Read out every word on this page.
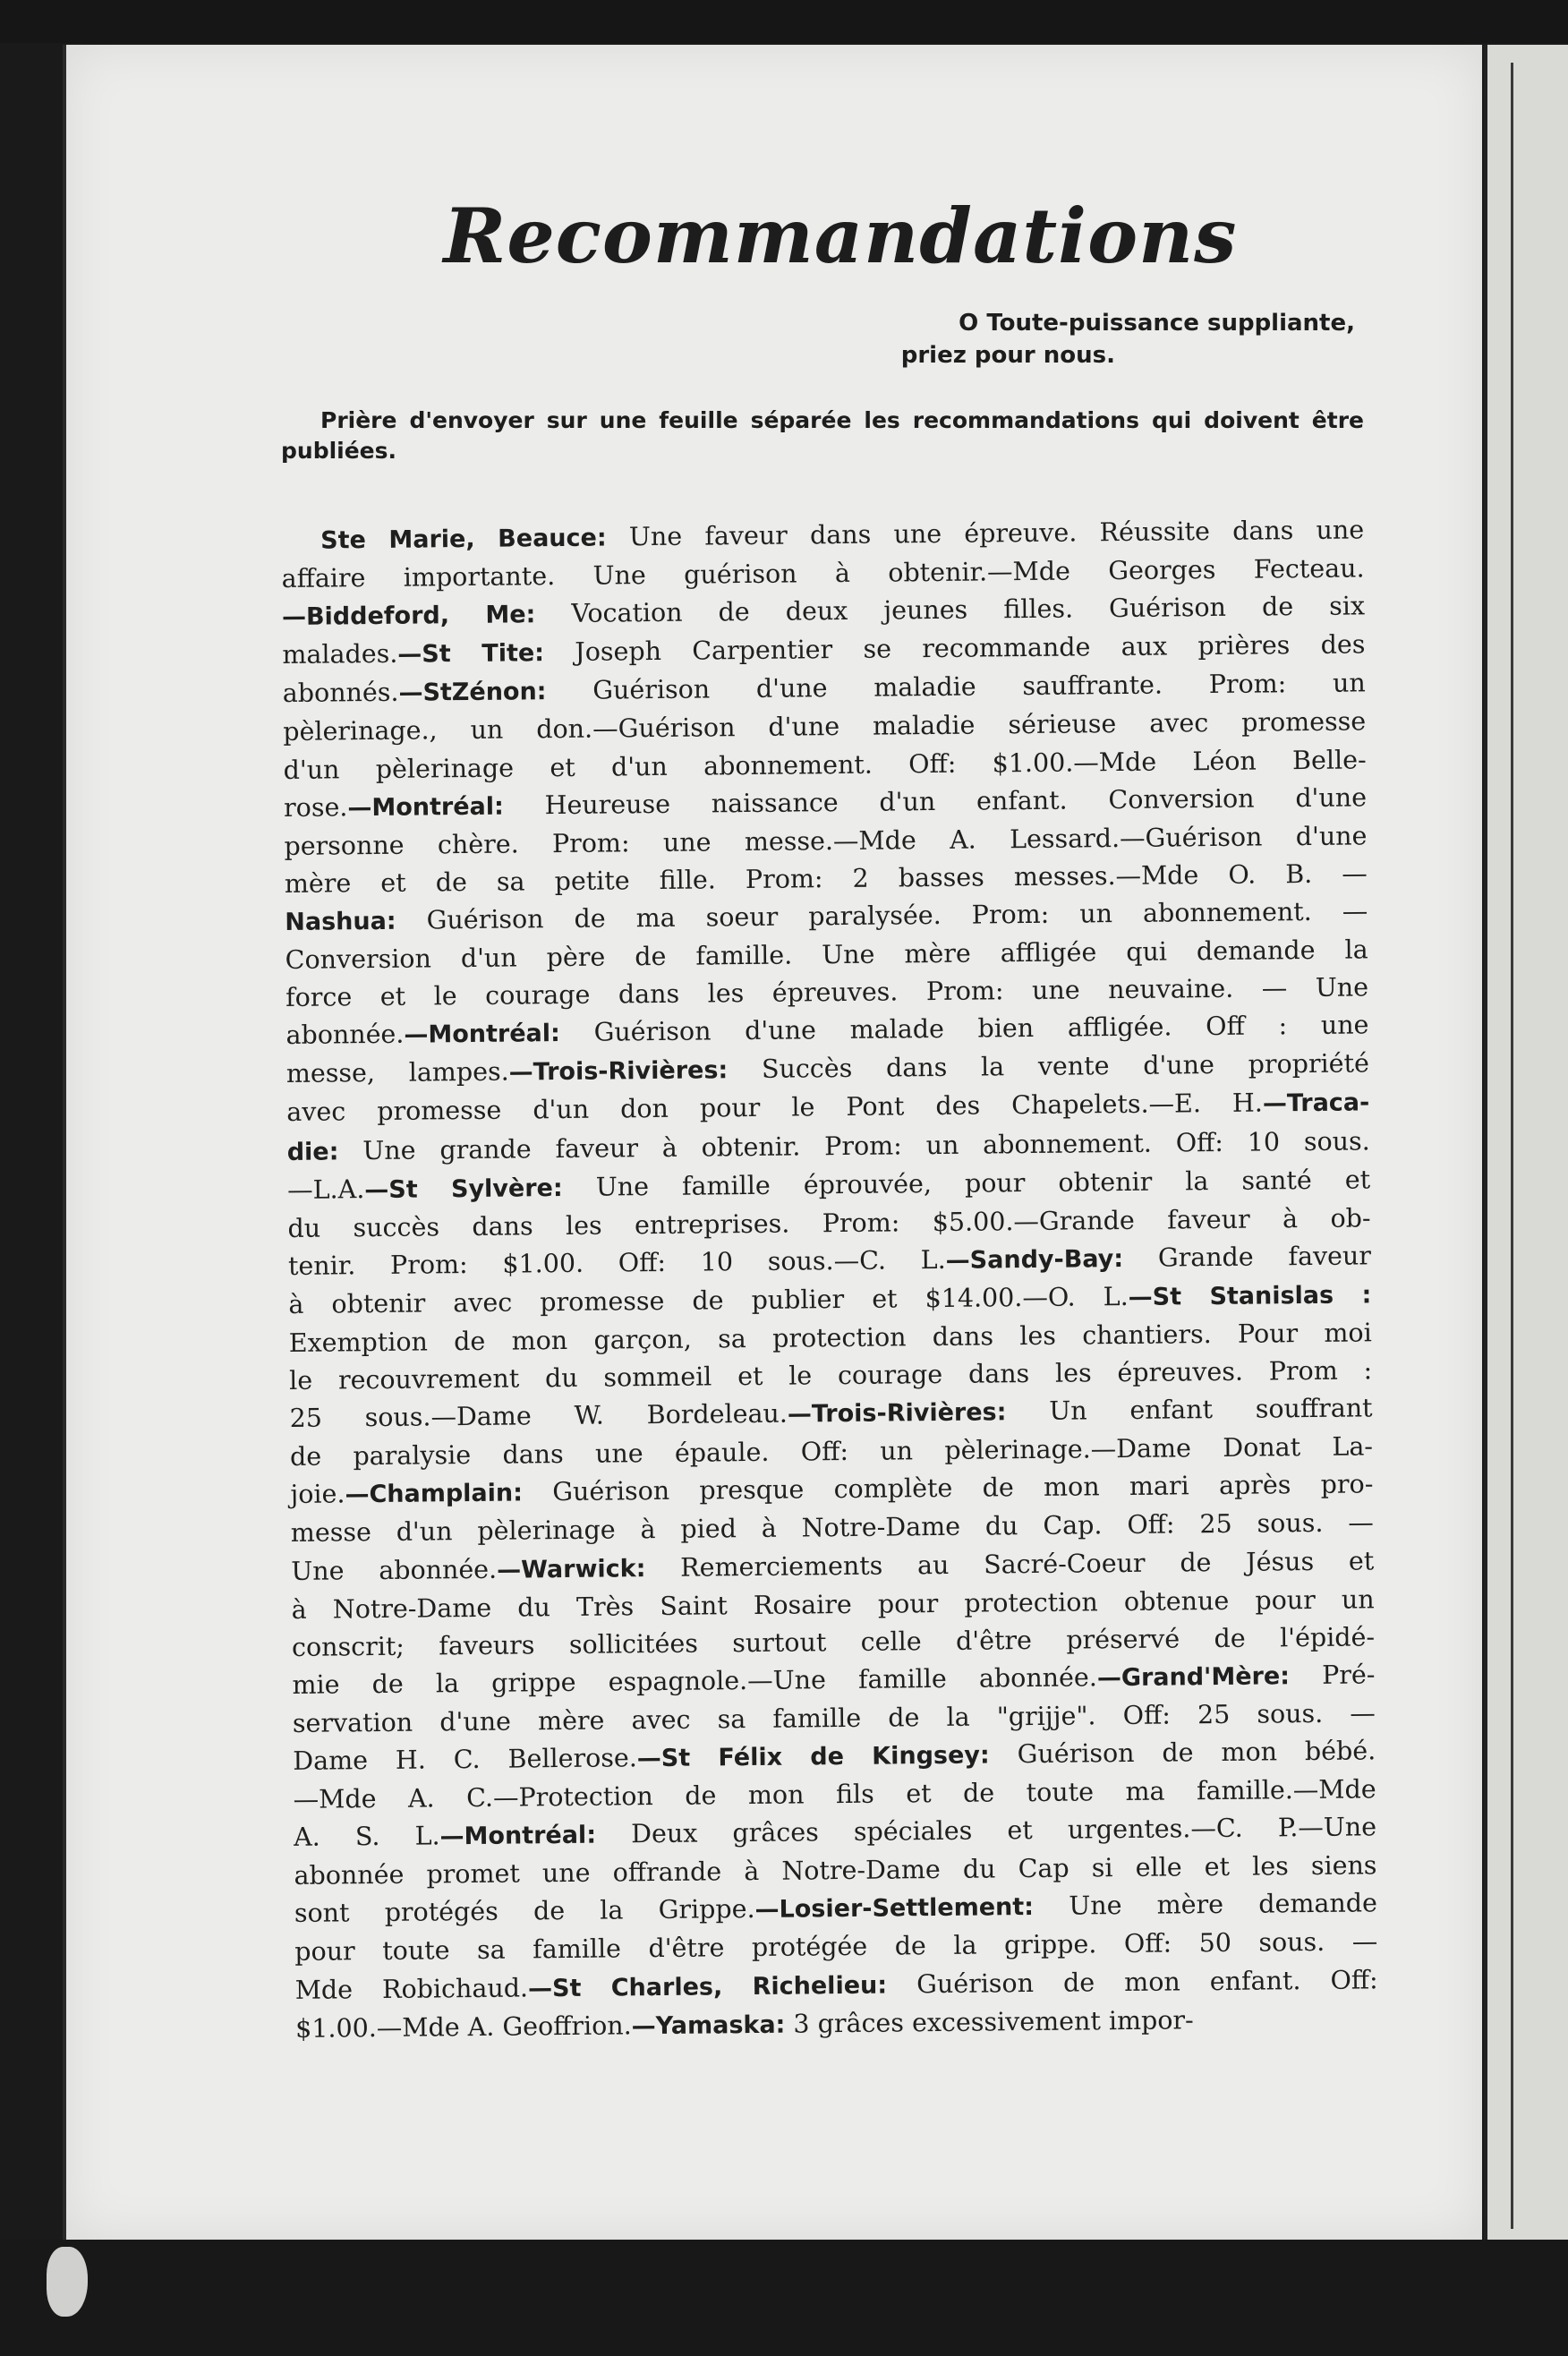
Recommandations
O Toute-puissance suppliante,
priez pour nous.

Prière d'envoyer sur une feuille séparée les recommandations qui doivent être publiées.

Ste Marie, Beauce: Une faveur dans une épreuve. Réussite dans une
affaire importante. Une guérison à obtenir.—Mde Georges Fecteau.
—Biddeford, Me: Vocation de deux jeunes filles. Guérison de six
malades.—St Tite: Joseph Carpentier se recommande aux prières des
abonnés.—StZénon: Guérison d'une maladie sauffrante. Prom: un
pèlerinage., un don.—Guérison d'une maladie sérieuse avec promesse
d'un pèlerinage et d'un abonnement. Off: $1.00.—Mde Léon Belle-
rose.—Montréal: Heureuse naissance d'un enfant. Conversion d'une
personne chère. Prom: une messe.—Mde A. Lessard.—Guérison d'une
mère et de sa petite fille. Prom: 2 basses messes.—Mde O. B. —
Nashua: Guérison de ma soeur paralysée. Prom: un abonnement. —
Conversion d'un père de famille. Une mère affligée qui demande la
force et le courage dans les épreuves. Prom: une neuvaine. — Une
abonnée.—Montréal: Guérison d'une malade bien affligée. Off : une
messe, lampes.—Trois-Rivières: Succès dans la vente d'une propriété
avec promesse d'un don pour le Pont des Chapelets.—E. H.—Traca-
die: Une grande faveur à obtenir. Prom: un abonnement. Off: 10 sous.
—L.A.—St Sylvère: Une famille éprouvée, pour obtenir la santé et
du succès dans les entreprises. Prom: $5.00.—Grande faveur à ob-
tenir. Prom: $1.00. Off: 10 sous.—C. L.—Sandy-Bay: Grande faveur
à obtenir avec promesse de publier et $14.00.—O. L.—St Stanislas :
Exemption de mon garçon, sa protection dans les chantiers. Pour moi
le recouvrement du sommeil et le courage dans les épreuves. Prom :
25 sous.—Dame W. Bordeleau.—Trois-Rivières: Un enfant souffrant
de paralysie dans une épaule. Off: un pèlerinage.—Dame Donat La-
joie.—Champlain: Guérison presque complète de mon mari après pro-
messe d'un pèlerinage à pied à Notre-Dame du Cap. Off: 25 sous. —
Une abonnée.—Warwick: Remerciements au Sacré-Coeur de Jésus et
à Notre-Dame du Très Saint Rosaire pour protection obtenue pour un
conscrit; faveurs sollicitées surtout celle d'être préservé de l'épidé-
mie de la grippe espagnole.—Une famille abonnée.—Grand'Mère: Pré-
servation d'une mère avec sa famille de la "grijje". Off: 25 sous. —
Dame H. C. Bellerose.—St Félix de Kingsey: Guérison de mon bébé.
—Mde A. C.—Protection de mon fils et de toute ma famille.—Mde
A. S. L.—Montréal: Deux grâces spéciales et urgentes.—C. P.—Une
abonnée promet une offrande à Notre-Dame du Cap si elle et les siens
sont protégés de la Grippe.—Losier-Settlement: Une mère demande
pour toute sa famille d'être protégée de la grippe. Off: 50 sous. —
Mde Robichaud.—St Charles, Richelieu: Guérison de mon enfant. Off:
$1.00.—Mde A. Geoffrion.—Yamaska: 3 grâces excessivement impor-
